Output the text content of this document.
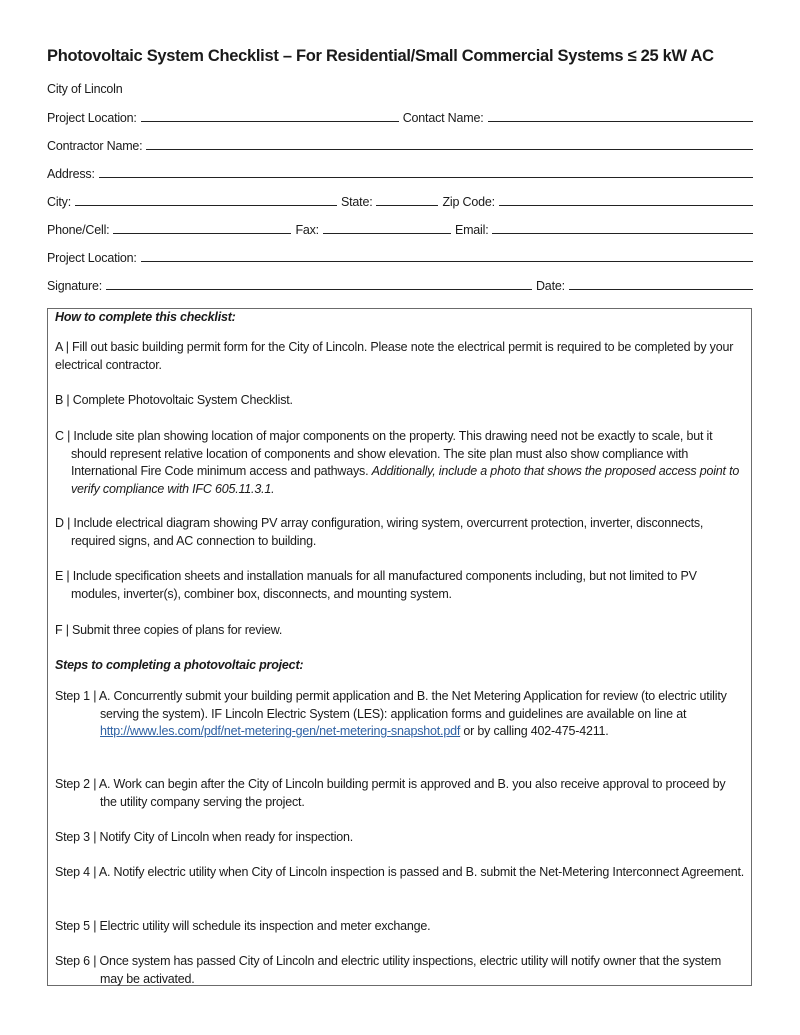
Photovoltaic System Checklist – For Residential/Small Commercial Systems ≤ 25 kW AC
City of Lincoln
Project Location:	Contact Name:
Contractor Name:
Address:
City:	State:	Zip Code:
Phone/Cell:	Fax:	Email:
Project Location:
Signature:	Date:
How to complete this checklist:
A | Fill out basic building permit form for the City of Lincoln. Please note the electrical permit is required to be completed by your electrical contractor.
B | Complete Photovoltaic System Checklist.
C | Include site plan showing location of major components on the property. This drawing need not be exactly to scale, but it should represent relative location of components and show elevation. The site plan must also show compliance with International Fire Code minimum access and pathways. Additionally, include a photo that shows the proposed access point to verify compliance with IFC 605.11.3.1.
D | Include electrical diagram showing PV array configuration, wiring system, overcurrent protection, inverter, disconnects, required signs, and AC connection to building.
E | Include specification sheets and installation manuals for all manufactured components including, but not limited to PV modules, inverter(s), combiner box, disconnects, and mounting system.
F | Submit three copies of plans for review.
Steps to completing a photovoltaic project:
Step 1 | A. Concurrently submit your building permit application and B. the Net Metering Application for review (to electric utility serving the system). IF Lincoln Electric System (LES): application forms and guidelines are available on line at http://www.les.com/pdf/net-metering-gen/net-metering-snapshot.pdf or by calling 402-475-4211.
Step 2 | A. Work can begin after the City of Lincoln building permit is approved and B. you also receive approval to proceed by the utility company serving the project.
Step 3 | Notify City of Lincoln when ready for inspection.
Step 4 | A. Notify electric utility when City of Lincoln inspection is passed and B. submit the Net-Metering Interconnect Agreement.
Step 5 | Electric utility will schedule its inspection and meter exchange.
Step 6 | Once system has passed City of Lincoln and electric utility inspections, electric utility will notify owner that the system may be activated.
